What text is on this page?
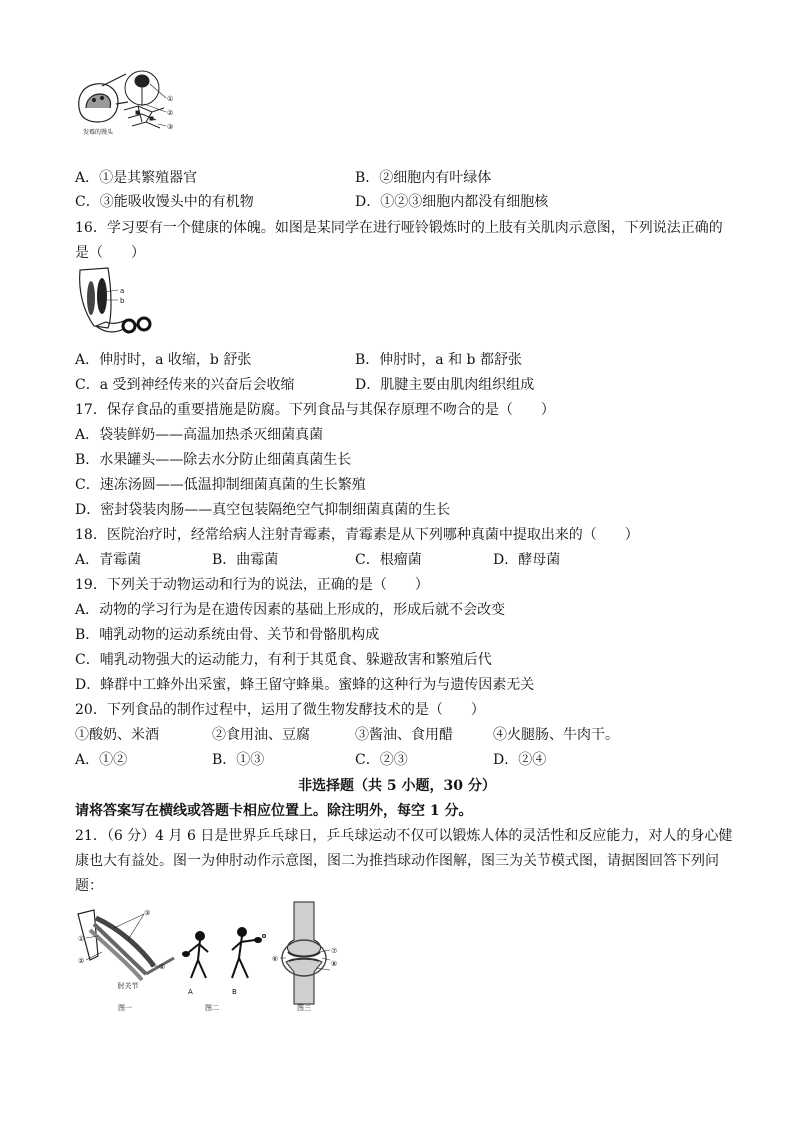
①
②
③
发霉的馒头
A．①是其繁殖器官	B．②细胞内有叶绿体
C．③能吸收馒头中的有机物	D．①②③细胞内都没有细胞核
16．学习要有一个健康的体魄。如图是某同学在进行哑铃锻炼时的上肢有关肌肉示意图，下列说法正确的
是（　　）
a
b
A．伸肘时，a 收缩，b 舒张	B．伸肘时，a 和 b 都舒张
C．a 受到神经传来的兴奋后会收缩	D．肌腱主要由肌肉组织组成
17．保存食品的重要措施是防腐。下列食品与其保存原理不吻合的是（　　）
A．袋装鲜奶——高温加热杀灭细菌真菌
B．水果罐头——除去水分防止细菌真菌生长
C．速冻汤圆——低温抑制细菌真菌的生长繁殖
D．密封袋装肉肠——真空包装隔绝空气抑制细菌真菌的生长
18．医院治疗时，经常给病人注射青霉素，青霉素是从下列哪种真菌中提取出来的（　　）
A．青霉菌	B．曲霉菌	C．根瘤菌	D．酵母菌
19．下列关于动物运动和行为的说法，正确的是（　　）
A．动物的学习行为是在遗传因素的基础上形成的，形成后就不会改变
B．哺乳动物的运动系统由骨、关节和骨骼肌构成
C．哺乳动物强大的运动能力，有利于其觅食、躲避敌害和繁殖后代
D．蜂群中工蜂外出采蜜，蜂王留守蜂巢。蜜蜂的这种行为与遗传因素无关
20．下列食品的制作过程中，运用了微生物发酵技术的是（　　）
①酸奶、米酒	②食用油、豆腐	③酱油、食用醋	④火腿肠、牛肉干。
A．①②	B．①③	C．②③	D．②④
非选择题（共 5 小题，30 分）
请将答案写在横线或答题卡相应位置上。除注明外，每空 1 分。
21．（6 分）4 月 6 日是世界乒乓球日，乒乓球运动不仅可以锻炼人体的灵活性和反应能力，对人的身心健
康也大有益处。图一为伸肘动作示意图，图二为推挡球动作图解，图三为关节模式图，请据图回答下列问
题：
①
②
③
④
肘关节
图一
A	B
图二
⑥
⑦
⑧
图三
